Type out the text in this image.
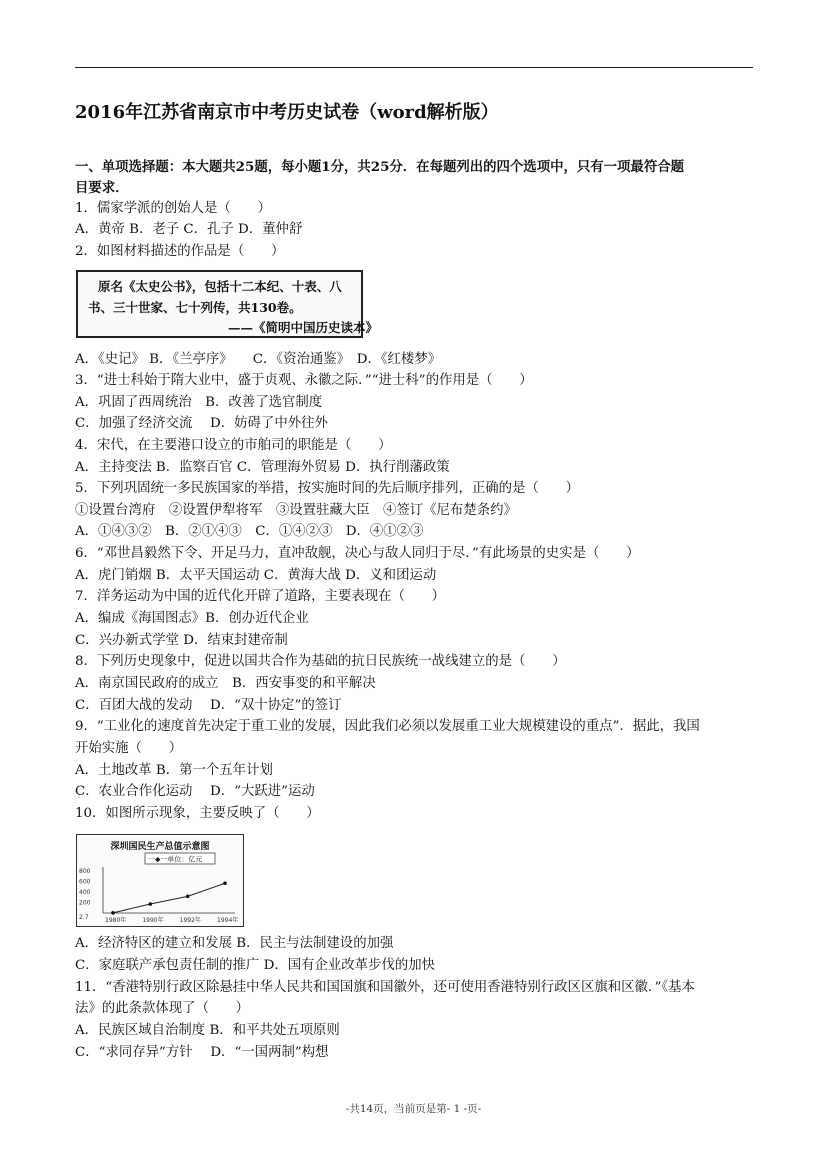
2016年江苏省南京市中考历史试卷（word解析版）
一、单项选择题：本大题共25题，每小题1分，共25分．在每题列出的四个选项中，只有一项最符合题
目要求．
1．儒家学派的创始人是（　　）
A．黄帝 B．老子 C．孔子 D．董仲舒
2．如图材料描述的作品是（　　）
原名《太史公书》，包括十二本纪、十表、八
书、三十世家、七十列传，共130卷。
——《简明中国历史读本》
A．《史记》 B．《兰亭序》　　C．《资治通鉴》　D．《红楼梦》
3．“进士科始于隋大业中，盛于贞观、永徽之际．”“进士科”的作用是（　　）
A．巩固了西周统治　B．改善了选官制度
C．加强了经济交流　 D．妨碍了中外往外
4．宋代，在主要港口设立的市舶司的职能是（　　）
A．主持变法 B．监察百官 C．管理海外贸易 D．执行削藩政策
5．下列巩固统一多民族国家的举措，按实施时间的先后顺序排列，正确的是（　　）
①设置台湾府　②设置伊犁将军　③设置驻藏大臣　④签订《尼布楚条约》
A．①④③②　B．②①④③　C．①④②③　D．④①②③
6．“邓世昌毅然下令、开足马力，直冲敌舰，决心与敌人同归于尽．”有此场景的史实是（　　）
A．虎门销烟 B．太平天国运动 C．黄海大战 D．义和团运动
7．洋务运动为中国的近代化开辟了道路，主要表现在（　　）
A．编成《海国图志》B．创办近代企业
C．兴办新式学堂 D．结束封建帝制
8．下列历史现象中，促进以国共合作为基础的抗日民族统一战线建立的是（　　）
A．南京国民政府的成立　B．西安事变的和平解决
C．百团大战的发动　 D．“双十协定”的签订
9．“工业化的速度首先决定于重工业的发展，因此我们必须以发展重工业大规模建设的重点”．据此，我国
开始实施（　　）
A．土地改革 B．第一个五年计划
C．农业合作化运动　 D．“大跃进”运动
10．如图所示现象，主要反映了（　　）
深圳国民生产总值示意图
一◆一单位：亿元
800
600
400
200
2.7	1980年	1990年	1992年	1994年
A．经济特区的建立和发展 B．民主与法制建设的加强
C．家庭联产承包责任制的推广 D．国有企业改革步伐的加快
11．“香港特别行政区除悬挂中华人民共和国国旗和国徽外，还可使用香港特别行政区区旗和区徽．”《基本
法》的此条款体现了（　　）
A．民族区域自治制度 B．和平共处五项原则
C．“求同存异”方针　 D．“一国两制”构想
-共14页，当前页是第- 1 -页-
